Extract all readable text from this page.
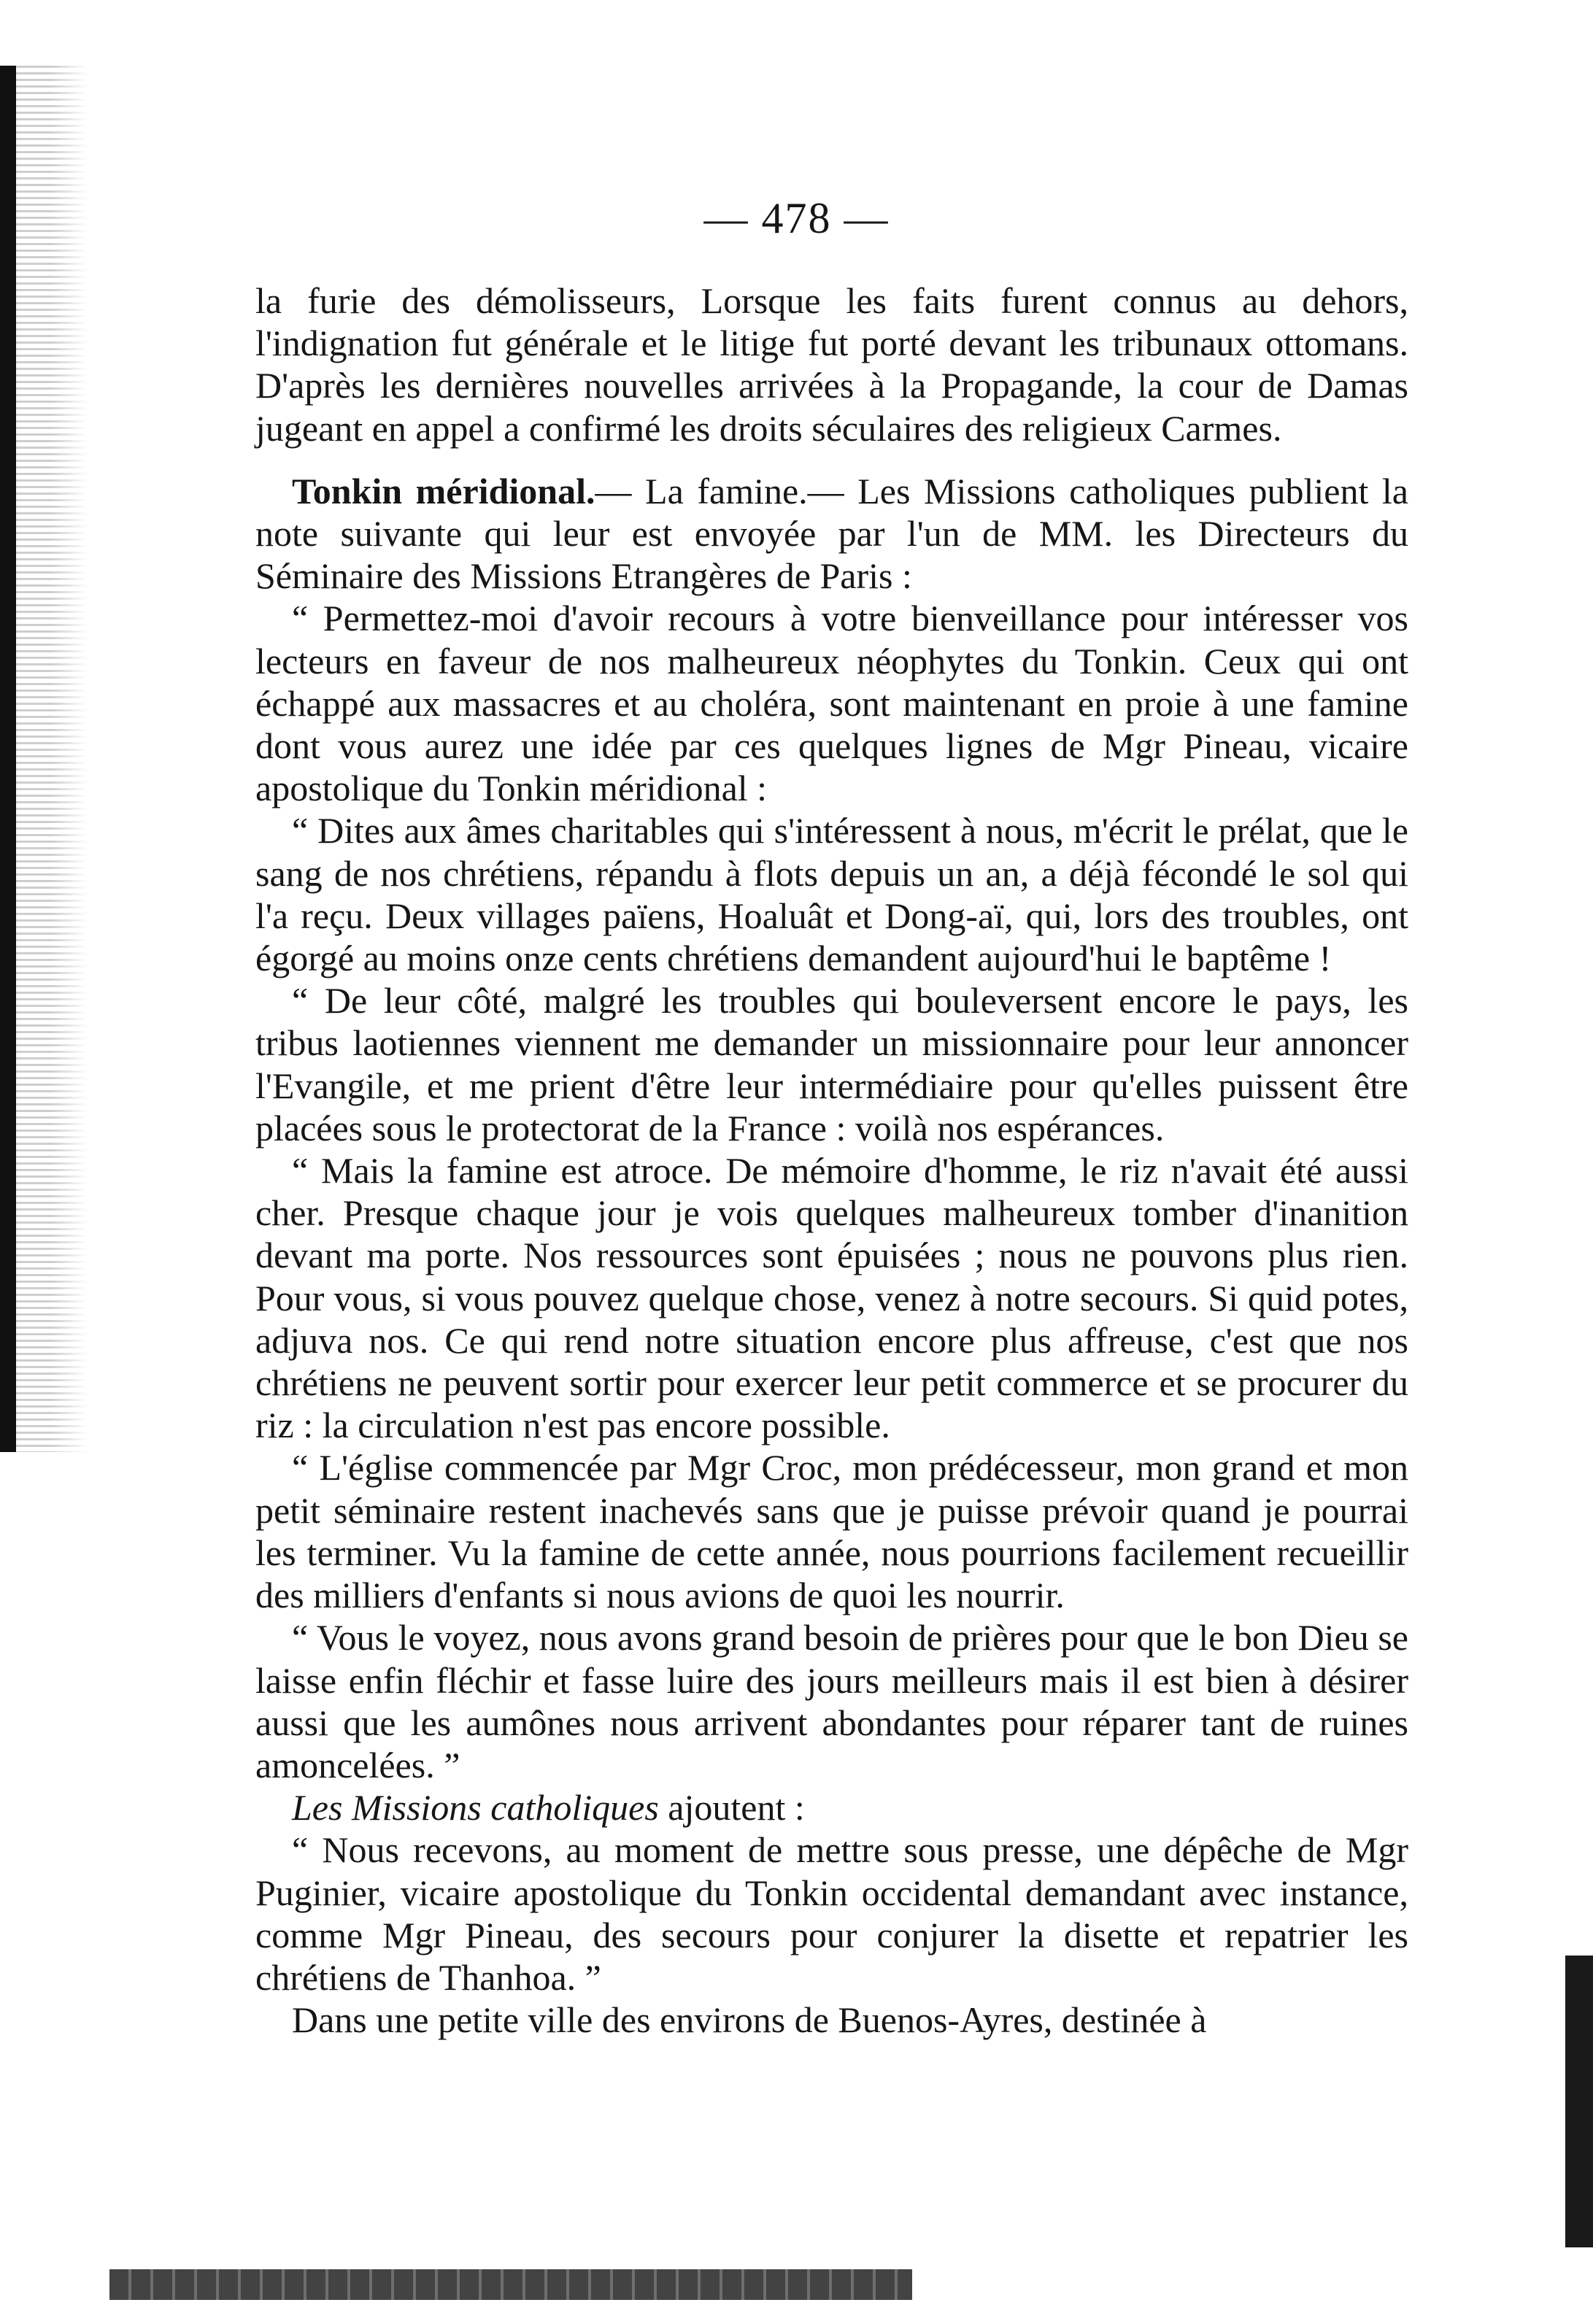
— 478 —

la furie des démolisseurs, Lorsque les faits furent connus au dehors, l'indignation fut générale et le litige fut porté devant les tribunaux ottomans. D'après les dernières nouvelles arrivées à la Propagande, la cour de Damas jugeant en appel a confirmé les droits séculaires des religieux Carmes.

Tonkin méridional.— La famine.— Les Missions catholiques publient la note suivante qui leur est envoyée par l'un de MM. les Directeurs du Séminaire des Missions Etrangères de Paris :

“ Permettez-moi d'avoir recours à votre bienveillance pour intéresser vos lecteurs en faveur de nos malheureux néophytes du Tonkin. Ceux qui ont échappé aux massacres et au choléra, sont maintenant en proie à une famine dont vous aurez une idée par ces quelques lignes de Mgr Pineau, vicaire apostolique du Tonkin méridional :

“ Dites aux âmes charitables qui s'intéressent à nous, m'écrit le prélat, que le sang de nos chrétiens, répandu à flots depuis un an, a déjà fécondé le sol qui l'a reçu. Deux villages païens, Hoaluât et Dong-aï, qui, lors des troubles, ont égorgé au moins onze cents chrétiens demandent aujourd'hui le baptême !

“ De leur côté, malgré les troubles qui bouleversent encore le pays, les tribus laotiennes viennent me demander un missionnaire pour leur annoncer l'Evangile, et me prient d'être leur intermédiaire pour qu'elles puissent être placées sous le protectorat de la France : voilà nos espérances.

“ Mais la famine est atroce. De mémoire d'homme, le riz n'avait été aussi cher. Presque chaque jour je vois quelques malheureux tomber d'inanition devant ma porte. Nos ressources sont épuisées ; nous ne pouvons plus rien. Pour vous, si vous pouvez quelque chose, venez à notre secours. Si quid potes, adjuva nos. Ce qui rend notre situation encore plus affreuse, c'est que nos chrétiens ne peuvent sortir pour exercer leur petit commerce et se procurer du riz : la circulation n'est pas encore possible.

“ L'église commencée par Mgr Croc, mon prédécesseur, mon grand et mon petit séminaire restent inachevés sans que je puisse prévoir quand je pourrai les terminer. Vu la famine de cette année, nous pourrions facilement recueillir des milliers d'enfants si nous avions de quoi les nourrir.

“ Vous le voyez, nous avons grand besoin de prières pour que le bon Dieu se laisse enfin fléchir et fasse luire des jours meilleurs mais il est bien à désirer aussi que les aumônes nous arrivent abondantes pour réparer tant de ruines amoncelées. ”

Les Missions catholiques ajoutent :

“ Nous recevons, au moment de mettre sous presse, une dépêche de Mgr Puginier, vicaire apostolique du Tonkin occidental demandant avec instance, comme Mgr Pineau, des secours pour conjurer la disette et repatrier les chrétiens de Thanhoa. ”

Dans une petite ville des environs de Buenos-Ayres, destinée à
